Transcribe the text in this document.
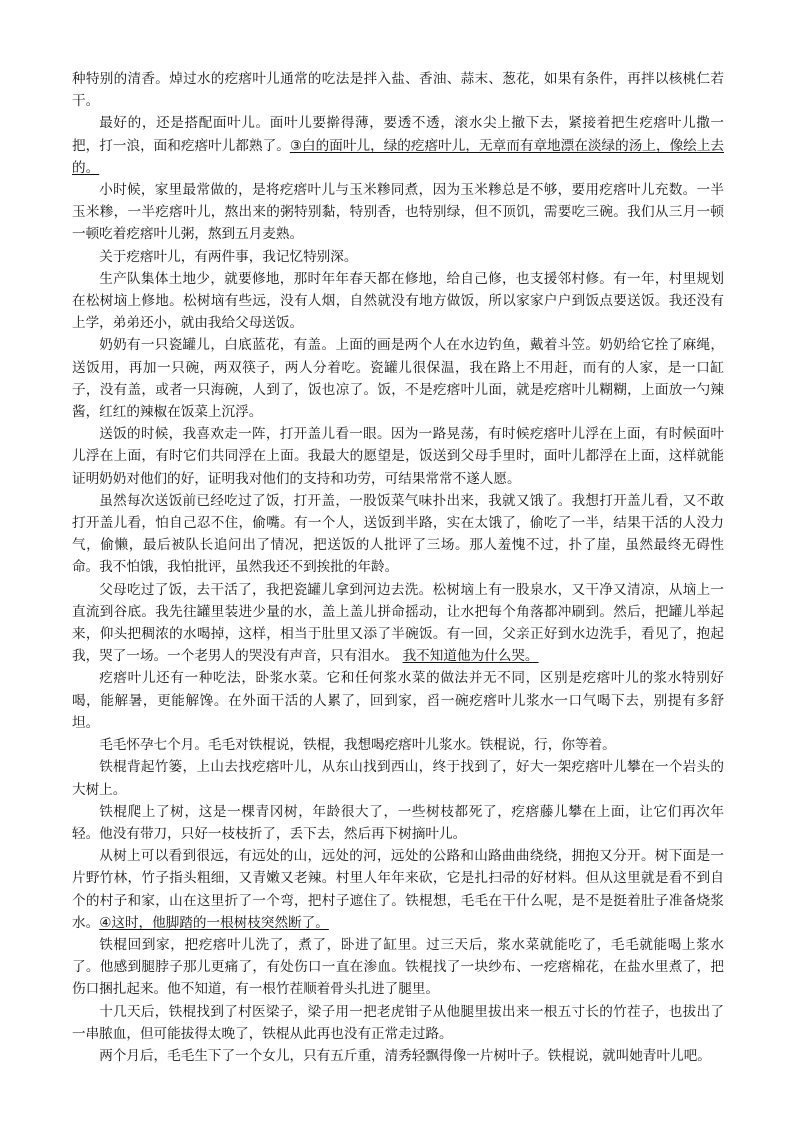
种特别的清香。焯过水的疙瘩叶儿通常的吃法是拌入盐、香油、蒜末、葱花，如果有条件，再拌以核桃仁若干。

最好的，还是搭配面叶儿。面叶儿要擀得薄，要透不透，滚水尖上撤下去，紧接着把生疙瘩叶儿撒一把，打一浪，面和疙瘩叶儿都熟了。③白的面叶儿，绿的疙瘩叶儿，无章而有章地漂在淡绿的汤上，像绘上去的。

小时候，家里最常做的，是将疙瘩叶儿与玉米糁同煮，因为玉米糁总是不够，要用疙瘩叶儿充数。一半玉米糁，一半疙瘩叶儿，熬出来的粥特别黏，特别香，也特别绿，但不顶饥，需要吃三碗。我们从三月一顿一顿吃着疙瘩叶儿粥，熬到五月麦熟。

关于疙瘩叶儿，有两件事，我记忆特别深。

生产队集体土地少，就要修地，那时年年春天都在修地，给自己修，也支援邻村修。有一年，村里规划在松树垴上修地。松树垴有些远，没有人烟，自然就没有地方做饭，所以家家户户到饭点要送饭。我还没有上学，弟弟还小，就由我给父母送饭。

奶奶有一只瓷罐儿，白底蓝花，有盖。上面的画是两个人在水边钓鱼，戴着斗笠。奶奶给它拴了麻绳，送饭用，再加一只碗，两双筷子，两人分着吃。瓷罐儿很保温，我在路上不用赶，而有的人家，是一口缸子，没有盖，或者一只海碗，人到了，饭也凉了。饭，不是疙瘩叶儿面，就是疙瘩叶儿糊糊，上面放一勺辣酱，红红的辣椒在饭菜上沉浮。

送饭的时候，我喜欢走一阵，打开盖儿看一眼。因为一路晃荡，有时候疙瘩叶儿浮在上面，有时候面叶儿浮在上面，有时它们共同浮在上面。我最大的愿望是，饭送到父母手里时，面叶儿都浮在上面，这样就能证明奶奶对他们的好，证明我对他们的支持和功劳，可结果常常不遂人愿。

虽然每次送饭前已经吃过了饭，打开盖，一股饭菜气味扑出来，我就又饿了。我想打开盖儿看，又不敢打开盖儿看，怕自己忍不住，偷嘴。有一个人，送饭到半路，实在太饿了，偷吃了一半，结果干活的人没力气，偷懒，最后被队长追问出了情况，把送饭的人批评了三场。那人羞愧不过，扑了崖，虽然最终无碍性命。我不怕饿，我怕批评，虽然我还不到挨批的年龄。

父母吃过了饭，去干活了，我把瓷罐儿拿到河边去洗。松树垴上有一股泉水，又干净又清凉，从垴上一直流到谷底。我先往罐里装进少量的水，盖上盖儿拼命摇动，让水把每个角落都冲刷到。然后，把罐儿举起来，仰头把稠浓的水喝掉，这样，相当于肚里又添了半碗饭。有一回，父亲正好到水边洗手，看见了，抱起我，哭了一场。一个老男人的哭没有声音，只有泪水。 我不知道他为什么哭。

疙瘩叶儿还有一种吃法，卧浆水菜。它和任何浆水菜的做法并无不同，区别是疙瘩叶儿的浆水特别好喝，能解暑，更能解馋。在外面干活的人累了，回到家，舀一碗疙瘩叶儿浆水一口气喝下去，别提有多舒坦。

毛毛怀孕七个月。毛毛对铁棍说，铁棍，我想喝疙瘩叶儿浆水。铁棍说，行，你等着。

铁棍背起竹篓，上山去找疙瘩叶儿，从东山找到西山，终于找到了，好大一架疙瘩叶儿攀在一个岩头的大树上。

铁棍爬上了树，这是一棵青冈树，年龄很大了，一些树枝都死了，疙瘩藤儿攀在上面，让它们再次年轻。他没有带刀，只好一枝枝折了，丢下去，然后再下树摘叶儿。

从树上可以看到很远，有远处的山，远处的河，远处的公路和山路曲曲绕绕，拥抱又分开。树下面是一片野竹林，竹子指头粗细，又青嫩又老辣。村里人年年来砍，它是扎扫帚的好材料。但从这里就是看不到自个的村子和家，山在这里折了一个弯，把村子遮住了。铁棍想，毛毛在干什么呢，是不是挺着肚子准备烧浆水。④这时，他脚踏的一根树枝突然断了。

铁棍回到家，把疙瘩叶儿洗了，煮了，卧进了缸里。过三天后，浆水菜就能吃了，毛毛就能喝上浆水了。他感到腿脖子那儿更痛了，有处伤口一直在渗血。铁棍找了一块纱布、一疙瘩棉花，在盐水里煮了，把伤口捆扎起来。他不知道，有一根竹茬顺着骨头扎进了腿里。

十几天后，铁棍找到了村医梁子，梁子用一把老虎钳子从他腿里拔出来一根五寸长的竹茬子，也拔出了一串脓血，但可能拔得太晚了，铁棍从此再也没有正常走过路。

两个月后，毛毛生下了一个女儿，只有五斤重，清秀轻飘得像一片树叶子。铁棍说，就叫她青叶儿吧。
